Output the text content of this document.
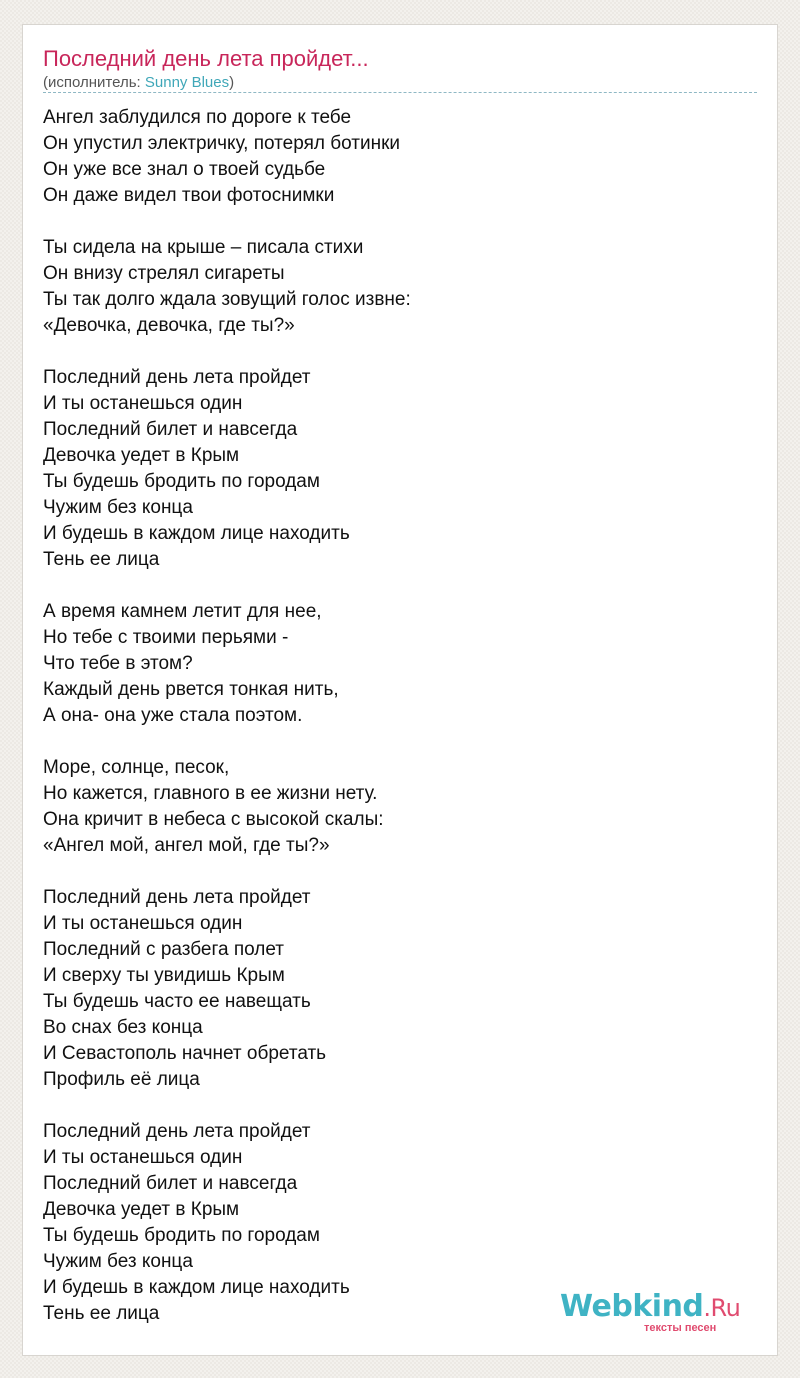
Последний день лета пройдет...
(исполнитель: Sunny Blues)
Ангел заблудился по дороге к тебе
Он упустил электричку, потерял ботинки
Он уже все знал о твоей судьбе
Он даже видел твои фотоснимки
Ты сидела на крыше – писала стихи
Он внизу стрелял сигареты
Ты так долго ждала зовущий голос извне:
«Девочка, девочка, где ты?»
Последний день лета пройдет
И ты останешься один
Последний билет и навсегда
Девочка уедет в Крым
Ты будешь бродить по городам
Чужим без конца
И будешь в каждом лице находить
Тень ее лица
А время камнем летит для нее,
Но тебе с твоими перьями -
Что тебе в этом?
Каждый день рвется тонкая нить,
А она- она уже стала поэтом.
Море, солнце, песок,
Но кажется, главного в ее жизни нету.
Она кричит в небеса с высокой скалы:
«Ангел мой, ангел мой, где ты?»
Последний день лета пройдет
И ты останешься один
Последний с разбега полет
И сверху ты увидишь Крым
Ты будешь часто ее навещать
Во снах без конца
И Севастополь начнет обретать
Профиль её лица
Последний день лета пройдет
И ты останешься один
Последний билет и навсегда
Девочка уедет в Крым
Ты будешь бродить по городам
Чужим без конца
И будешь в каждом лице находить
Тень ее лица	Webkind.Ru
тексты песен
